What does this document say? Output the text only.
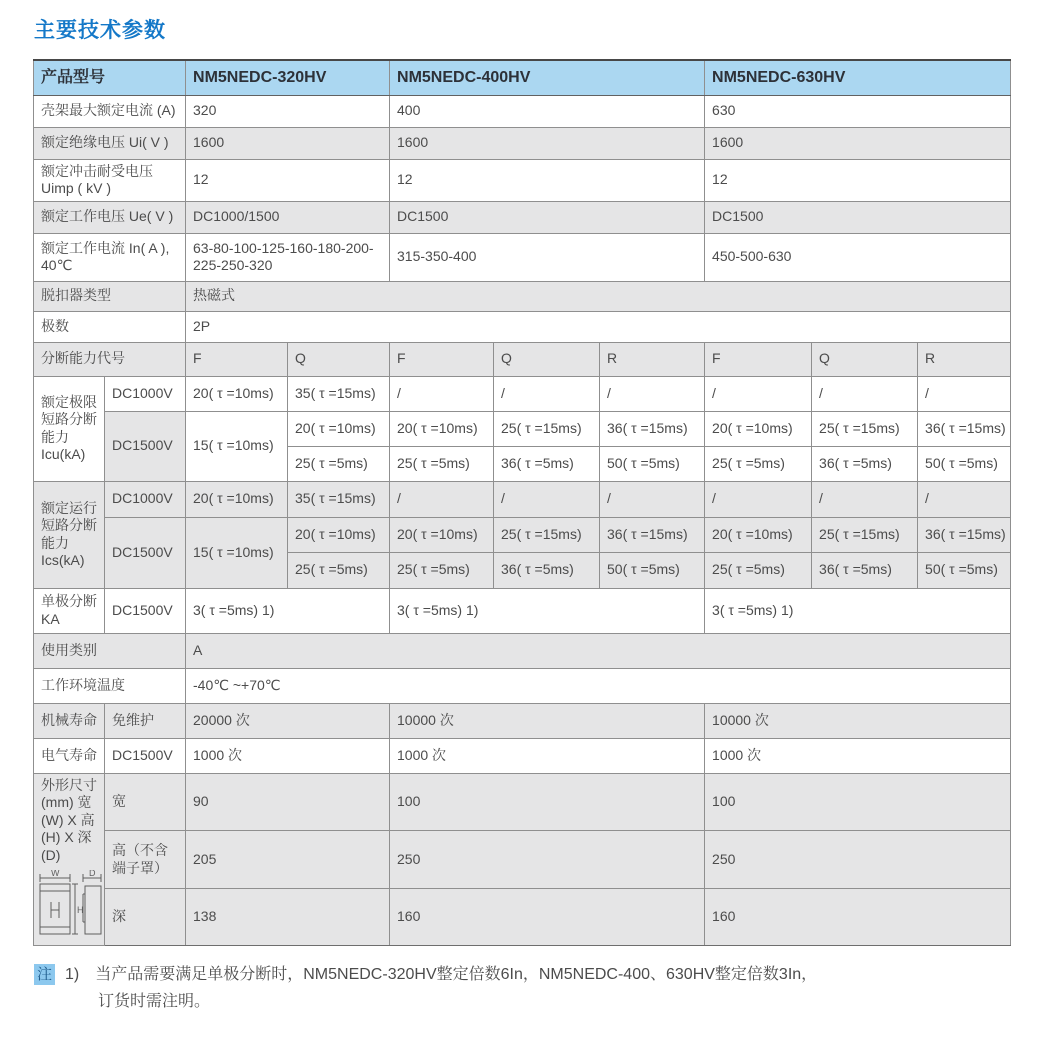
主要技术参数
产品型号		NM5NEDC-320HV		NM5NEDC-400HV			NM5NEDC-630HV		
壳架最大额定电流 (A)		320		400			630		
额定绝缘电压 Ui( V )		1600		1600			1600		
额定冲击耐受电压 Uimp ( kV )		12		12			12		
额定工作电压 Ue( V )		DC1000/1500		DC1500			DC1500		
额定工作电流 In( A ), 40℃		63-80-100-125-160-180-200-225-250-320		315-350-400			450-500-630		
脱扣器类型		热磁式							
极数		2P							
分断能力代号		F	Q	F	Q	R	F	Q	R
额定极限短路分断能力 Icu(kA)	DC1000V	20( τ =10ms)	35( τ =15ms)	/	/	/	/	/	/
	DC1500V	15( τ =10ms)	20( τ =10ms)	20( τ =10ms)	25( τ =15ms)	36( τ =15ms)	20( τ =10ms)	25( τ =15ms)	36( τ =15ms)
			25( τ =5ms)	25( τ =5ms)	36( τ =5ms)	50( τ =5ms)	25( τ =5ms)	36( τ =5ms)	50( τ =5ms)
额定运行短路分断能力 Ics(kA)	DC1000V	20( τ =10ms)	35( τ =15ms)	/	/	/	/	/	/
	DC1500V	15( τ =10ms)	20( τ =10ms)	20( τ =10ms)	25( τ =15ms)	36( τ =15ms)	20( τ =10ms)	25( τ =15ms)	36( τ =15ms)
			25( τ =5ms)	25( τ =5ms)	36( τ =5ms)	50( τ =5ms)	25( τ =5ms)	36( τ =5ms)	50( τ =5ms)
单极分断 KA	DC1500V	3( τ =5ms) 1)		3( τ =5ms) 1)			3( τ =5ms) 1)		
使用类别		A							
工作环境温度		-40℃ ~+70℃							
机械寿命	免维护	20000 次		10000 次			10000 次		
电气寿命	DC1500V	1000 次		1000 次			1000 次		

外形尺寸 (mm) 宽 (W) X 高 (H) X 深 (D)
W
H
D	宽	90		100			100		
	高（不含端子罩）	205		250			250		
	深	138		160			160		
注 1)　当产品需要满足单极分断时，NM5NEDC-320HV整定倍数6In，NM5NEDC-400、630HV整定倍数3In，
订货时需注明。
